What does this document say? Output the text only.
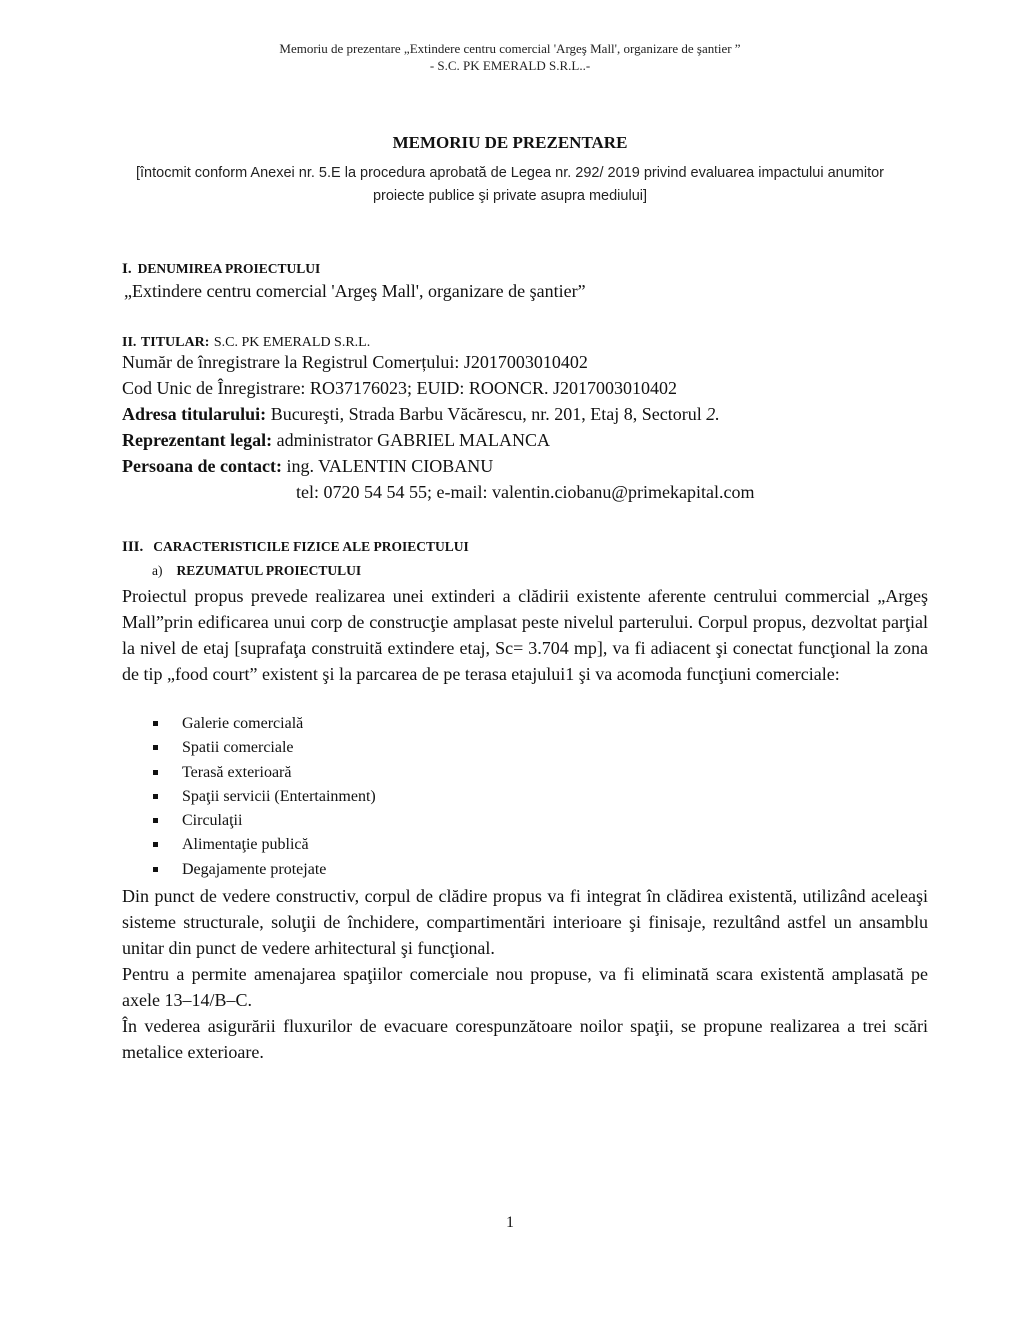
Memoriu de prezentare „Extindere centru comercial 'Argeş Mall', organizare de şantier ”
- S.C. PK EMERALD S.R.L..-
MEMORIU DE PREZENTARE
[întocmit conform Anexei nr. 5.E la procedura aprobată de Legea nr. 292/ 2019 privind evaluarea impactului anumitor proiecte publice şi private asupra mediului]
I. DENUMIREA PROIECTULUI
„Extindere centru comercial 'Argeş Mall', organizare de şantier”
II. TITULAR: S.C. PK EMERALD S.R.L.
Număr de înregistrare la Registrul Comerțului: J2017003010402
Cod Unic de Înregistrare: RO37176023; EUID: ROONCR. J2017003010402
Adresa titularului: Bucureşti, Strada Barbu Văcărescu, nr. 201, Etaj 8, Sectorul 2.
Reprezentant legal: administrator GABRIEL MALANCA
Persoana de contact: ing. VALENTIN CIOBANU
tel: 0720 54 54 55; e-mail: valentin.ciobanu@primekapital.com
III. CARACTERISTICILE FIZICE ALE PROIECTULUI
a) REZUMATUL PROIECTULUI
Proiectul propus prevede realizarea unei extinderi a clădirii existente aferente centrului commercial „Argeş Mall”prin edificarea unui corp de construcţie amplasat peste nivelul parterului. Corpul propus, dezvoltat parţial la nivel de etaj [suprafaţa construită extindere etaj, Sc= 3.704 mp], va fi adiacent şi conectat funcţional la zona de tip „food court” existent şi la parcarea de pe terasa etajului1 şi va acomoda funcţiuni comerciale:
Galerie comercială
Spatii comerciale
Terasă exterioară
Spaţii servicii (Entertainment)
Circulaţii
Alimentaţie publică
Degajamente protejate
Din punct de vedere constructiv, corpul de clădire propus va fi integrat în clădirea existentă, utilizând aceleaşi sisteme structurale, soluţii de închidere, compartimentări interioare şi finisaje, rezultând astfel un ansamblu unitar din punct de vedere arhitectural şi funcţional.
Pentru a permite amenajarea spaţiilor comerciale nou propuse, va fi eliminată scara existentă amplasată pe axele 13–14/B–C.
În vederea asigurării fluxurilor de evacuare corespunzătoare noilor spaţii, se propune realizarea a trei scări metalice exterioare.
1
